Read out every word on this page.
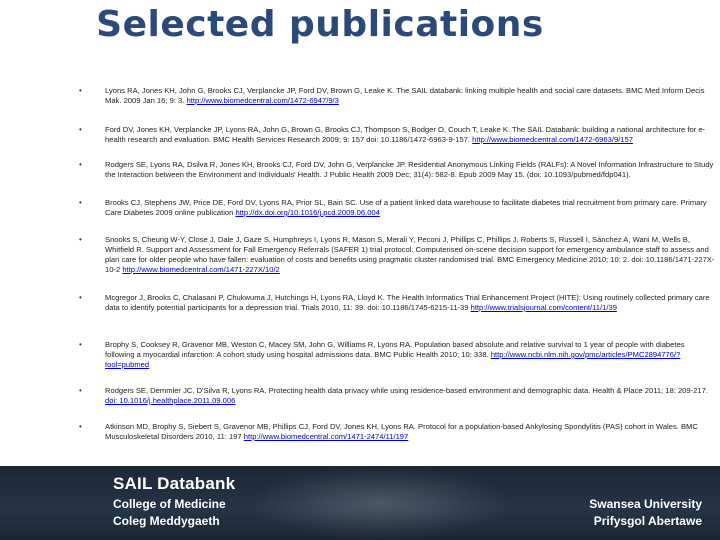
Selected publications
•	Lyons RA, Jones KH, John G, Brooks CJ, Verplancke JP, Ford DV, Brown G, Leake K. The SAIL databank: linking multiple health and social care datasets. BMC Med Inform Decis Mak. 2009 Jan 16; 9: 3. http://www.biomedcentral.com/1472-6947/9/3
•	Ford DV, Jones KH, Verplancke JP, Lyons RA, John G, Brown G, Brooks CJ, Thompson S, Bodger O, Couch T, Leake K. The SAIL Databank: building a national architecture for e-health research and evaluation. BMC Health Services Research 2009; 9: 157 doi: 10.1186/1472-6963-9-157. http://www.biomedcentral.com/1472-6963/9/157
•	Rodgers SE, Lyons RA, Dsilva R, Jones KH, Brooks CJ, Ford DV, John G, Verplancke JP. Residential Anonymous Linking Fields (RALFs): A Novel Information Infrastructure to Study the Interaction between the Environment and Individuals' Health. J Public Health 2009 Dec; 31(4): 582-8. Epub 2009 May 15. (doi: 10.1093/pubmed/fdp041).
•	Brooks CJ, Stephens JW, Price DE, Ford DV, Lyons RA, Prior SL, Bain SC. Use of a patient linked data warehouse to facilitate diabetes trial recruitment from primary care. Primary Care Diabetes 2009 online publication http://dx.doi.org/10.1016/j.pcd.2009.06.004
•	Snooks S, Cheung W-Y, Close J, Dale J, Gaze S, Humphreys I, Lyons R, Mason S, Merali Y, Peconi J, Phillips C, Phillips J, Roberts S, Russell I, Sánchez A, Wani M, Wells B, Whitfield R. Support and Assessment for Fall Emergency Referrals (SAFER 1) trial protocol. Computerised on-scene decision support for emergency ambulance staff to assess and plan care for older people who have fallen: evaluation of costs and benefits using pragmatic cluster randomised trial. BMC Emergency Medicine 2010; 10: 2. doi: 10.1186/1471-227X-10-2 http://www.biomedcentral.com/1471-227X/10/2
•	Mcgregor J, Brooks C, Chalasani P, Chukwuma J, Hutchings H, Lyons RA, Lloyd K. The Health Informatics Trial Enhancement Project (HITE): Using routinely collected primary care data to identify potential participants for a depression trial. Trials 2010, 11: 39. doi: 10.1186/1745-6215-11-39 http://www.trialsjournal.com/content/11/1/39
•	Brophy S, Cooksey R, Gravenor MB, Weston C, Macey SM, John G, Williams R, Lyons RA. Population based absolute and relative survival to 1 year of people with diabetes following a myocardial infarction: A cohort study using hospital admissions data. BMC Public Health 2010; 10: 338. http://www.ncbi.nlm.nih.gov/pmc/articles/PMC2894776/?tool=pubmed
•	Rodgers SE, Demmler JC, D'Silva R, Lyons RA. Protecting health data privacy while using residence-based environment and demographic data. Health & Place 2011; 18: 209-217. doi: 10.1016/j.healthplace.2011.09.006
•	Atkinson MD, Brophy S, Siebert S, Gravenor MB, Phillips CJ, Ford DV, Jones KH, Lyons RA. Protocol for a population-based Ankylosing Spondylitis (PAS) cohort in Wales. BMC Musculoskeletal Disorders 2010, 11: 197 http://www.biomedcentral.com/1471-2474/11/197
SAIL Databank
College of Medicine
Coleg Meddygaeth
Swansea University
Prifysgol Abertawe
